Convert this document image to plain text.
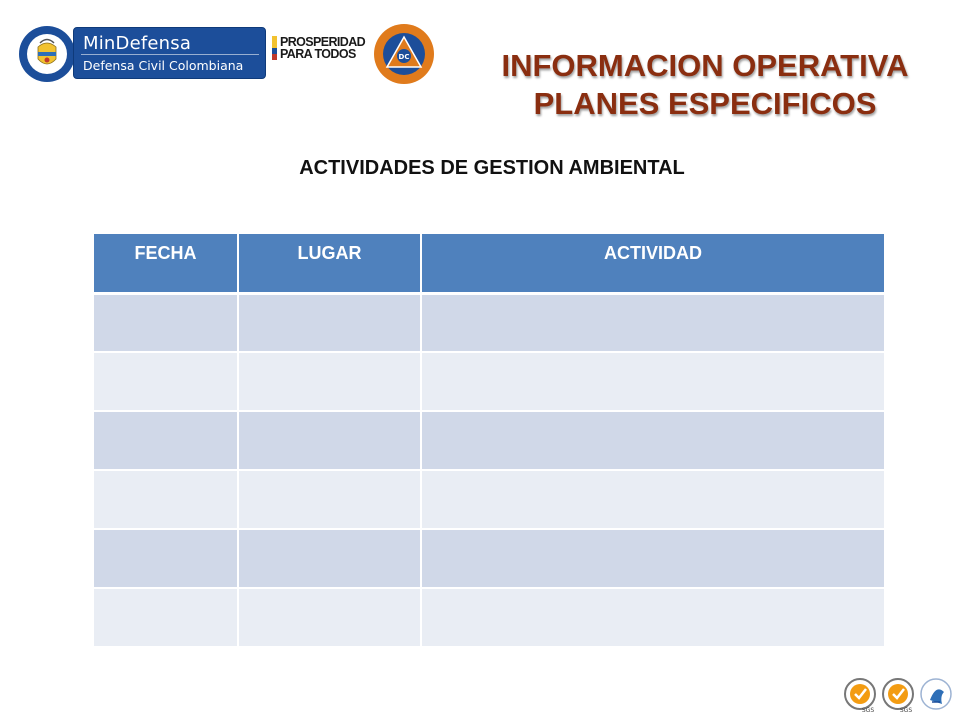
MinDefensa
Defensa Civil Colombiana
PROSPERIDAD
PARA TODOS	DC	INFORMACION OPERATIVA
PLANES ESPECIFICOS
ACTIVIDADES DE GESTION AMBIENTAL
FECHA	LUGAR	ACTIVIDAD

SGS	SGS
